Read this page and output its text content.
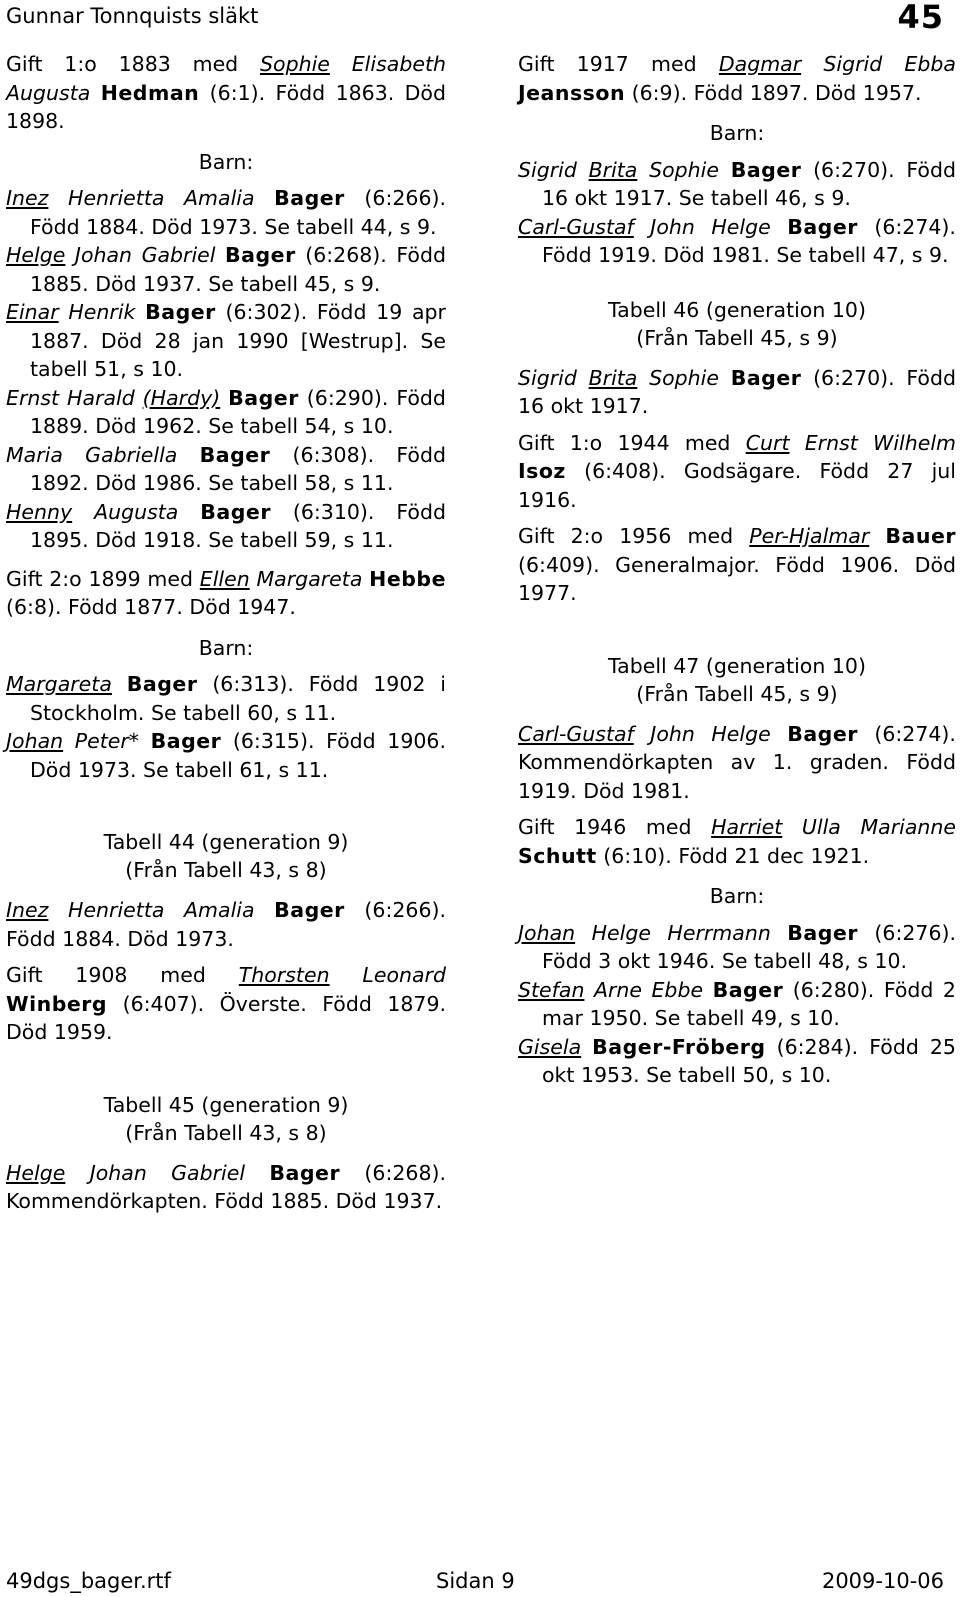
Gunnar Tonnquists släkt	45

Gift 1:o 1883 med Sophie Elisabeth Augusta Hedman (6:1). Född 1863. Död 1898.

Barn:

Inez Henrietta Amalia Bager (6:266). Född 1884. Död 1973. Se tabell 44, s 9.

Helge Johan Gabriel Bager (6:268). Född 1885. Död 1937. Se tabell 45, s 9.

Einar Henrik Bager (6:302). Född 19 apr 1887. Död 28 jan 1990 [Westrup]. Se tabell 51, s 10.

Ernst Harald (Hardy) Bager (6:290). Född 1889. Död 1962. Se tabell 54, s 10.

Maria Gabriella Bager (6:308). Född 1892. Död 1986. Se tabell 58, s 11.

Henny Augusta Bager (6:310). Född 1895. Död 1918. Se tabell 59, s 11.

Gift 2:o 1899 med Ellen Margareta Hebbe (6:8). Född 1877. Död 1947.

Barn:

Margareta Bager (6:313). Född 1902 i Stockholm. Se tabell 60, s 11.

Johan Peter* Bager (6:315). Född 1906. Död 1973. Se tabell 61, s 11.

Tabell 44 (generation 9)
(Från Tabell 43, s 8)

Inez Henrietta Amalia Bager (6:266). Född 1884. Död 1973.

Gift 1908 med Thorsten Leonard Winberg (6:407). Överste. Född 1879. Död 1959.

Tabell 45 (generation 9)
(Från Tabell 43, s 8)

Helge Johan Gabriel Bager (6:268). Kommendörkapten. Född 1885. Död 1937.

Gift 1917 med Dagmar Sigrid Ebba Jeansson (6:9). Född 1897. Död 1957.

Barn:

Sigrid Brita Sophie Bager (6:270). Född 16 okt 1917. Se tabell 46, s 9.

Carl-Gustaf John Helge Bager (6:274). Född 1919. Död 1981. Se tabell 47, s 9.

Tabell 46 (generation 10)
(Från Tabell 45, s 9)

Sigrid Brita Sophie Bager (6:270). Född 16 okt 1917.

Gift 1:o 1944 med Curt Ernst Wilhelm Isoz (6:408). Godsägare. Född 27 jul 1916.

Gift 2:o 1956 med Per-Hjalmar Bauer (6:409). Generalmajor. Född 1906. Död 1977.

Tabell 47 (generation 10)
(Från Tabell 45, s 9)

Carl-Gustaf John Helge Bager (6:274). Kommendörkapten av 1. graden. Född 1919. Död 1981.

Gift 1946 med Harriet Ulla Marianne Schutt (6:10). Född 21 dec 1921.

Barn:

Johan Helge Herrmann Bager (6:276). Född 3 okt 1946. Se tabell 48, s 10.

Stefan Arne Ebbe Bager (6:280). Född 2 mar 1950. Se tabell 49, s 10.

Gisela Bager-Fröberg (6:284). Född 25 okt 1953. Se tabell 50, s 10.

49dgs_bager.rtf	Sidan 9	2009-10-06
